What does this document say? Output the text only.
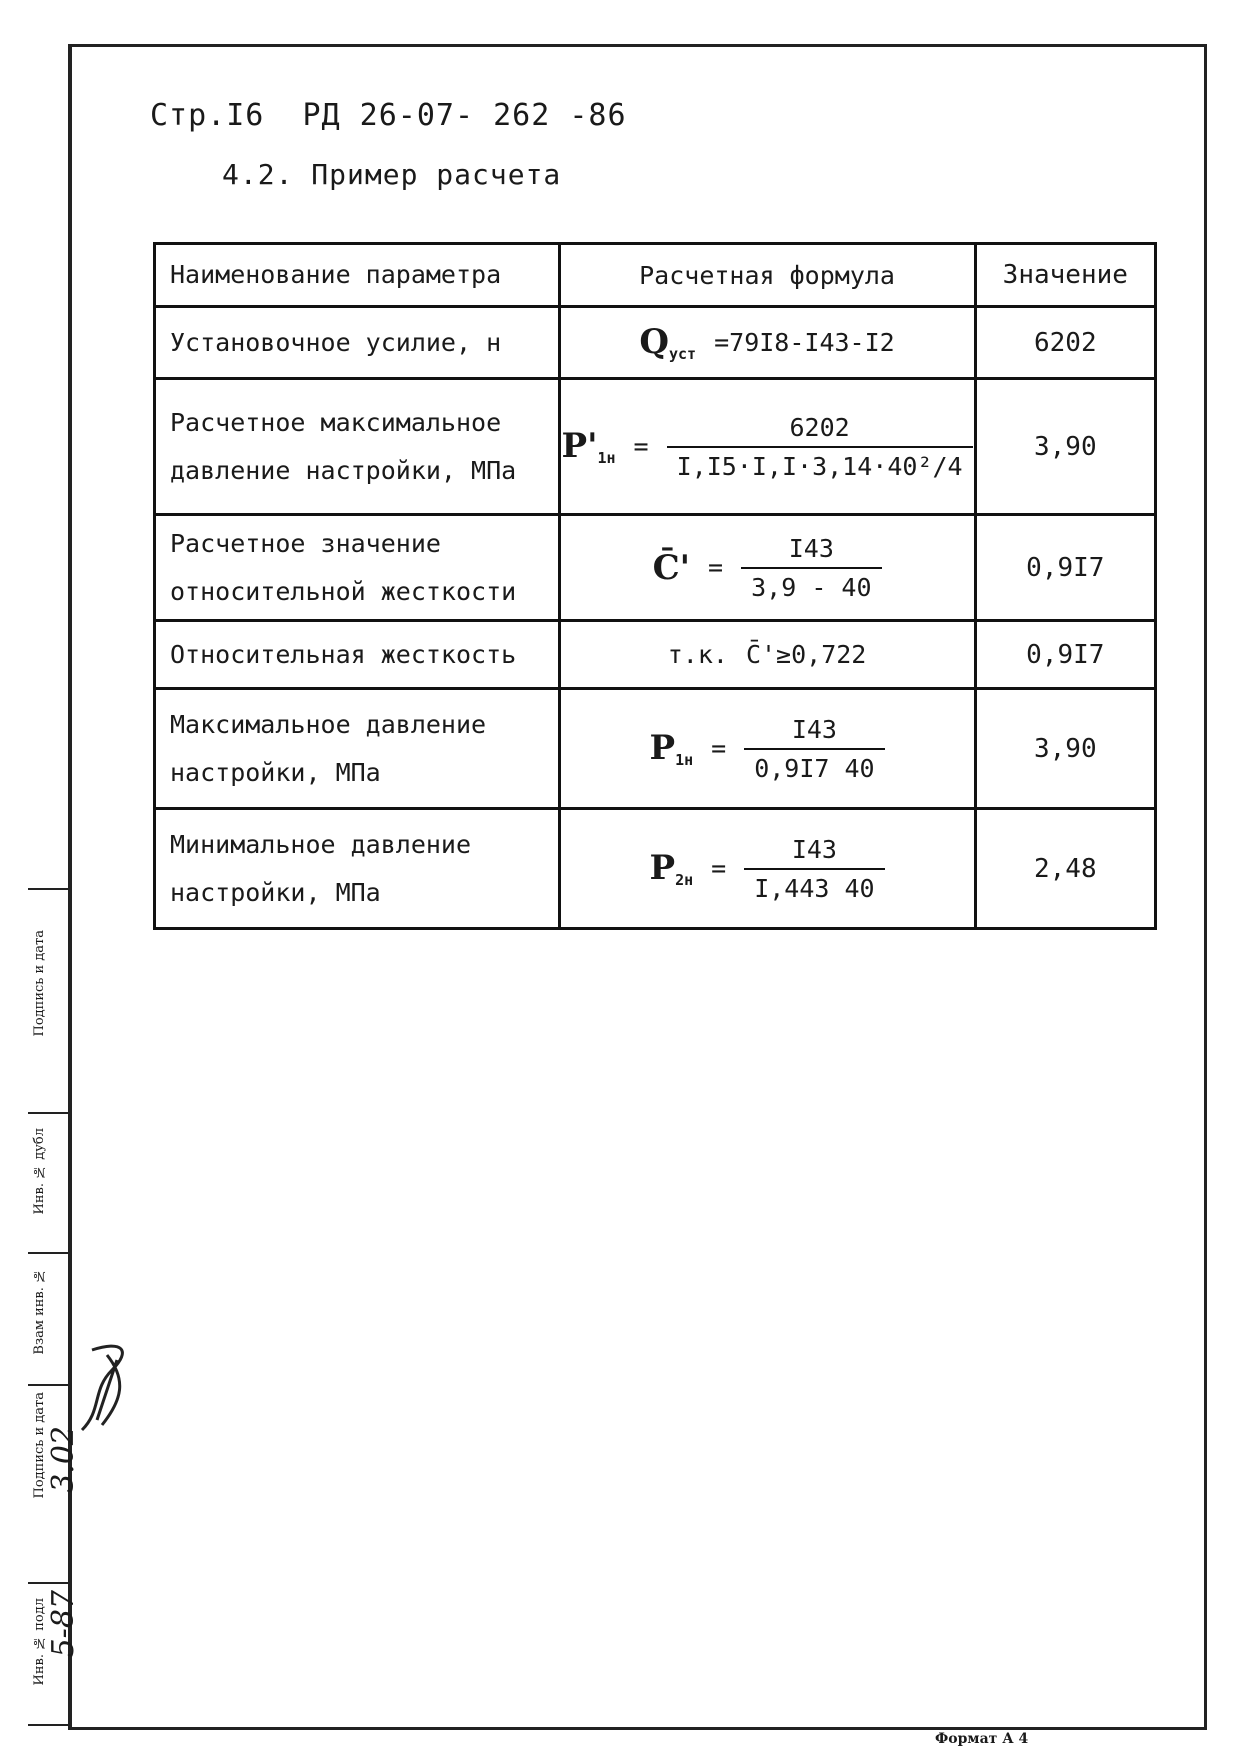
Стр.I6  РД 26-07- 262 -86
4.2. Пример расчета
Наименование параметра	Расчетная формула	Значение
Установочное усилие, н	$Q_{уст} =79I8-I43-I2$	6202
Расчетное максимальное давление настройки, МПа	$P'_{1н} = \frac{6202}{\text{I,I5·I,I·3,14·40²/4}}$	3,90
Расчетное значение относительной жесткости	C̄' = $\frac{I43}{3,9 - 40}$	0,9I7
Относительная жесткость	т.к. C̄'≥0,722	0,9I7
Максимальное давление настройки, МПа	$P_{1н} = \frac{I43}{0,9I7 40}$	3,90
Минимальное давление настройки, МПа	$P_{2н} = \frac{I43}{I,443 40}$	2,48
Подпись и дата
Инв. № дубл
Взам инв. №
Подпись и дата 3.02
Инв. № подл 5-87
Формат А 4
